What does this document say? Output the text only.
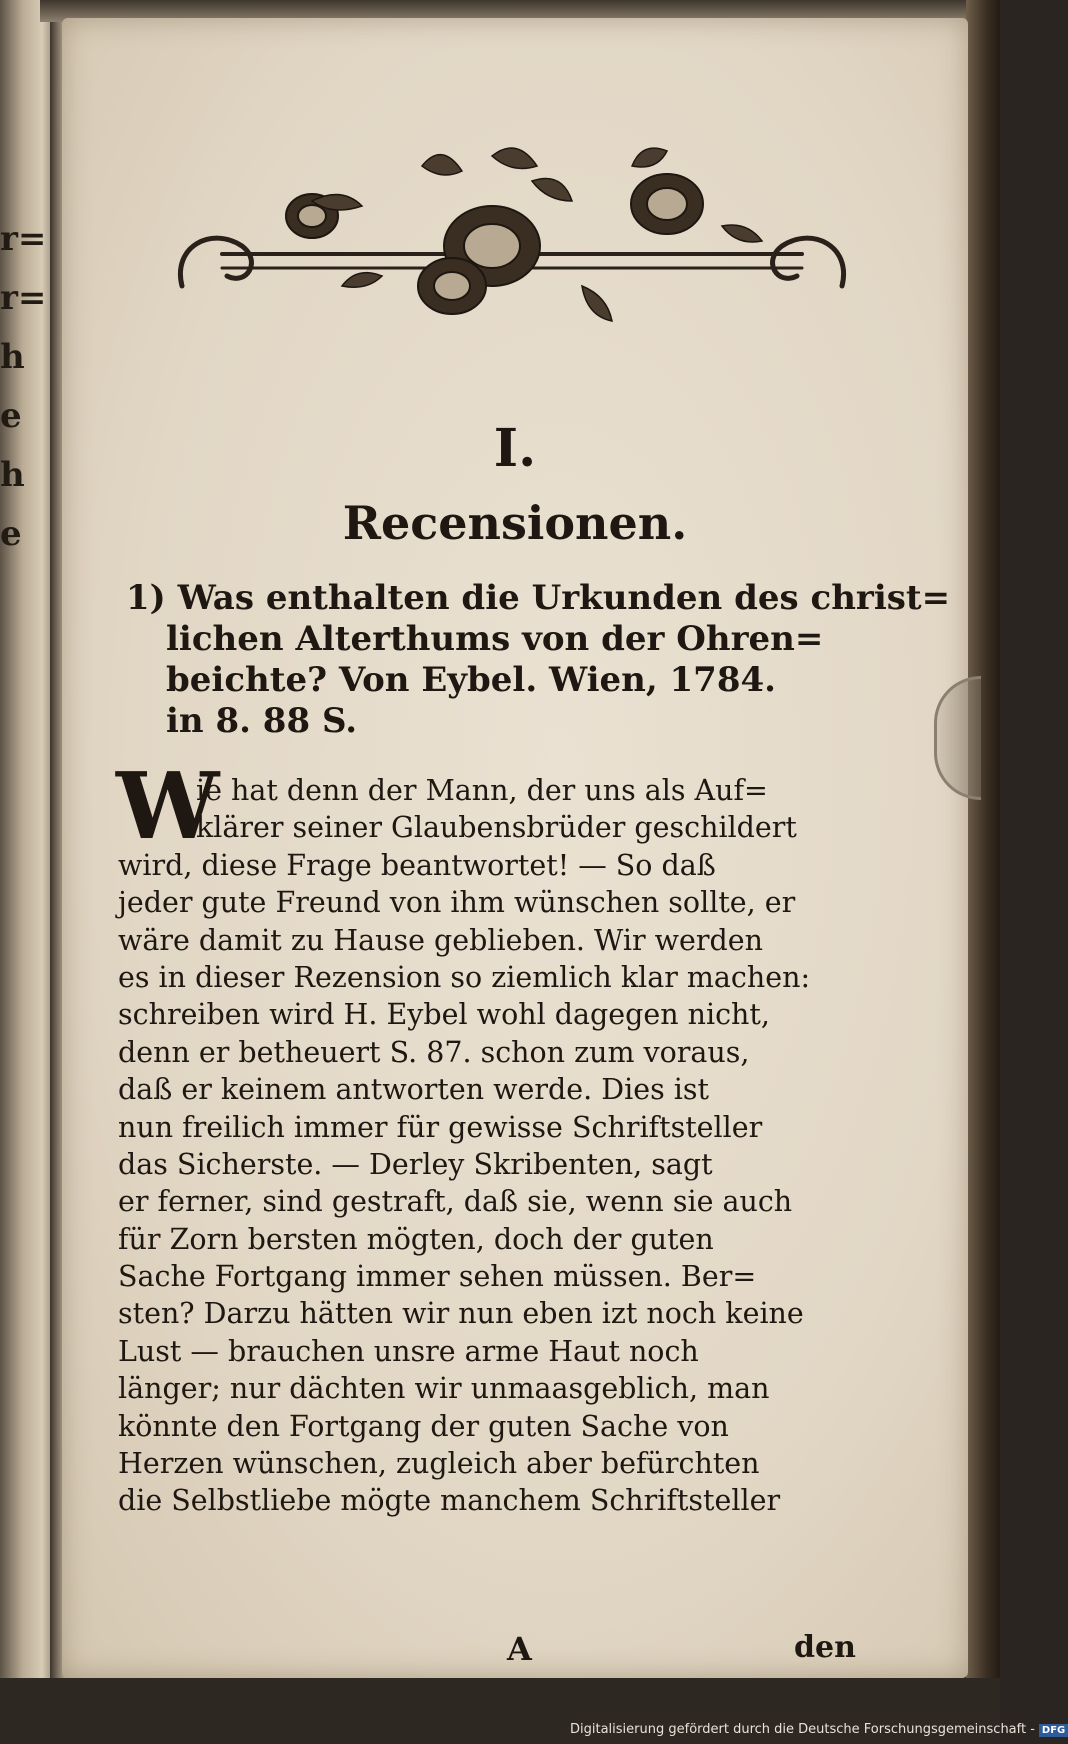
r=
r=
h
e
h
e
I.
Recensionen.
1) Was enthalten die Urkunden des christ=
lichen Alterthums von der Ohren=
beichte? Von Eybel. Wien, 1784.
in 8. 88 S.
W
ie hat denn der Mann, der uns als Auf=
klärer seiner Glaubensbrüder geschildert
wird, diese Frage beantwortet! — So daß
jeder gute Freund von ihm wünschen sollte, er
wäre damit zu Hause geblieben. Wir werden
es in dieser Rezension so ziemlich klar machen:
schreiben wird H. Eybel wohl dagegen nicht,
denn er betheuert S. 87. schon zum voraus,
daß er keinem antworten werde. Dies ist
nun freilich immer für gewisse Schriftsteller
das Sicherste. — Derley Skribenten, sagt
er ferner, sind gestraft, daß sie, wenn sie auch
für Zorn bersten mögten, doch der guten
Sache Fortgang immer sehen müssen. Ber=
sten? Darzu hätten wir nun eben izt noch keine
Lust — brauchen unsre arme Haut noch
länger; nur dächten wir unmaasgeblich, man
könnte den Fortgang der guten Sache von
Herzen wünschen, zugleich aber befürchten
die Selbstliebe mögte manchem Schriftsteller
A	den
Digitalisierung gefördert durch die Deutsche Forschungsgemeinschaft - DFG
